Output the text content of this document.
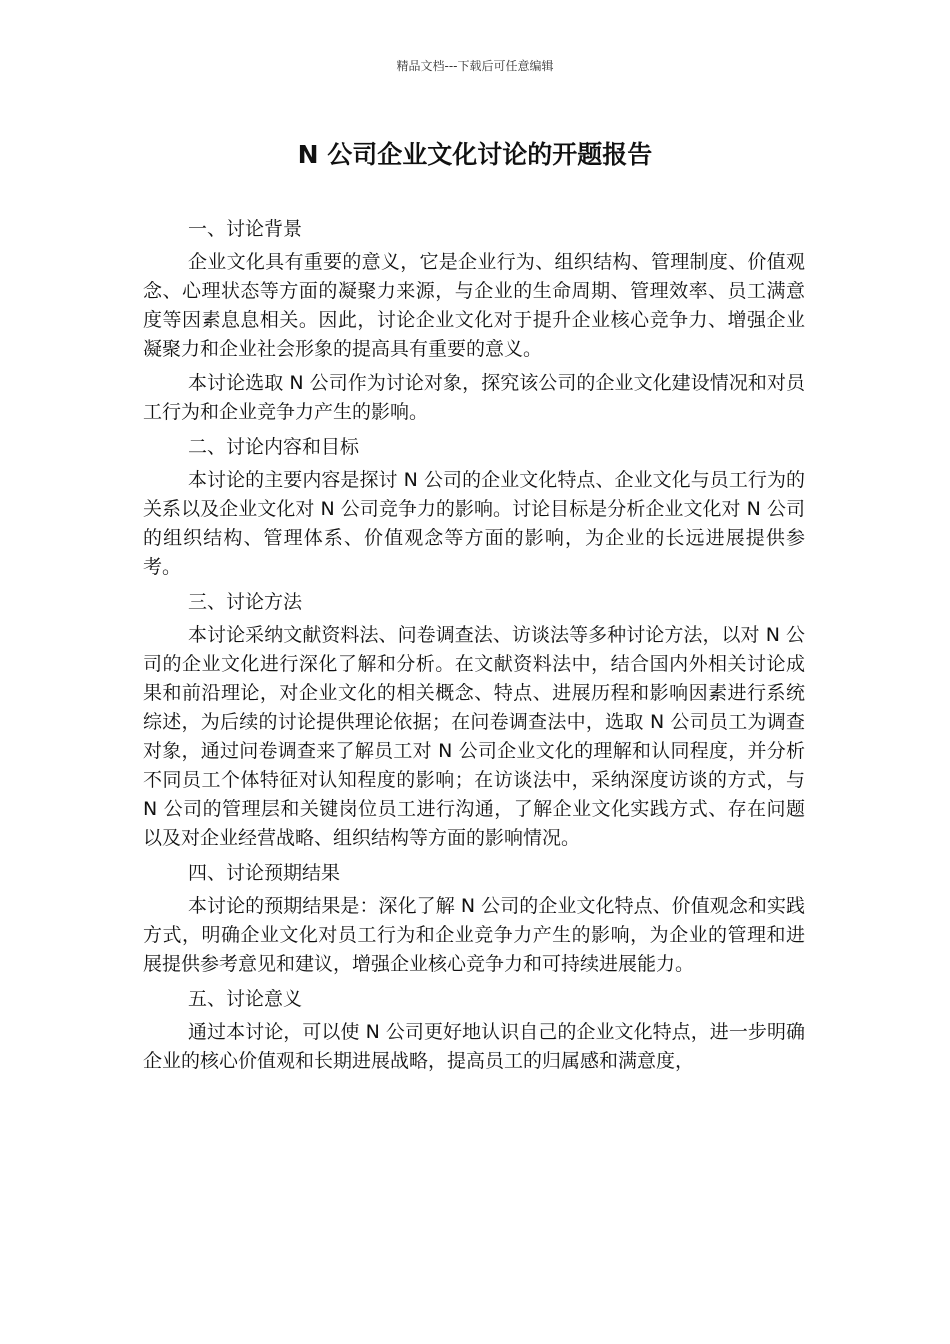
精品文档---下载后可任意编辑
N 公司企业文化讨论的开题报告

一、讨论背景

企业文化具有重要的意义，它是企业行为、组织结构、管理制度、价值观念、心理状态等方面的凝聚力来源，与企业的生命周期、管理效率、员工满意度等因素息息相关。因此，讨论企业文化对于提升企业核心竞争力、增强企业凝聚力和企业社会形象的提高具有重要的意义。

本讨论选取 N 公司作为讨论对象，探究该公司的企业文化建设情况和对员工行为和企业竞争力产生的影响。

二、讨论内容和目标

本讨论的主要内容是探讨 N 公司的企业文化特点、企业文化与员工行为的关系以及企业文化对 N 公司竞争力的影响。讨论目标是分析企业文化对 N 公司的组织结构、管理体系、价值观念等方面的影响，为企业的长远进展提供参考。

三、讨论方法

本讨论采纳文献资料法、问卷调查法、访谈法等多种讨论方法，以对 N 公司的企业文化进行深化了解和分析。在文献资料法中，结合国内外相关讨论成果和前沿理论，对企业文化的相关概念、特点、进展历程和影响因素进行系统综述，为后续的讨论提供理论依据；在问卷调查法中，选取 N 公司员工为调查对象，通过问卷调查来了解员工对 N 公司企业文化的理解和认同程度，并分析不同员工个体特征对认知程度的影响；在访谈法中，采纳深度访谈的方式，与 N 公司的管理层和关键岗位员工进行沟通，了解企业文化实践方式、存在问题以及对企业经营战略、组织结构等方面的影响情况。

四、讨论预期结果

本讨论的预期结果是：深化了解 N 公司的企业文化特点、价值观念和实践方式，明确企业文化对员工行为和企业竞争力产生的影响，为企业的管理和进展提供参考意见和建议，增强企业核心竞争力和可持续进展能力。

五、讨论意义

通过本讨论，可以使 N 公司更好地认识自己的企业文化特点，进一步明确企业的核心价值观和长期进展战略，提高员工的归属感和满意度，
